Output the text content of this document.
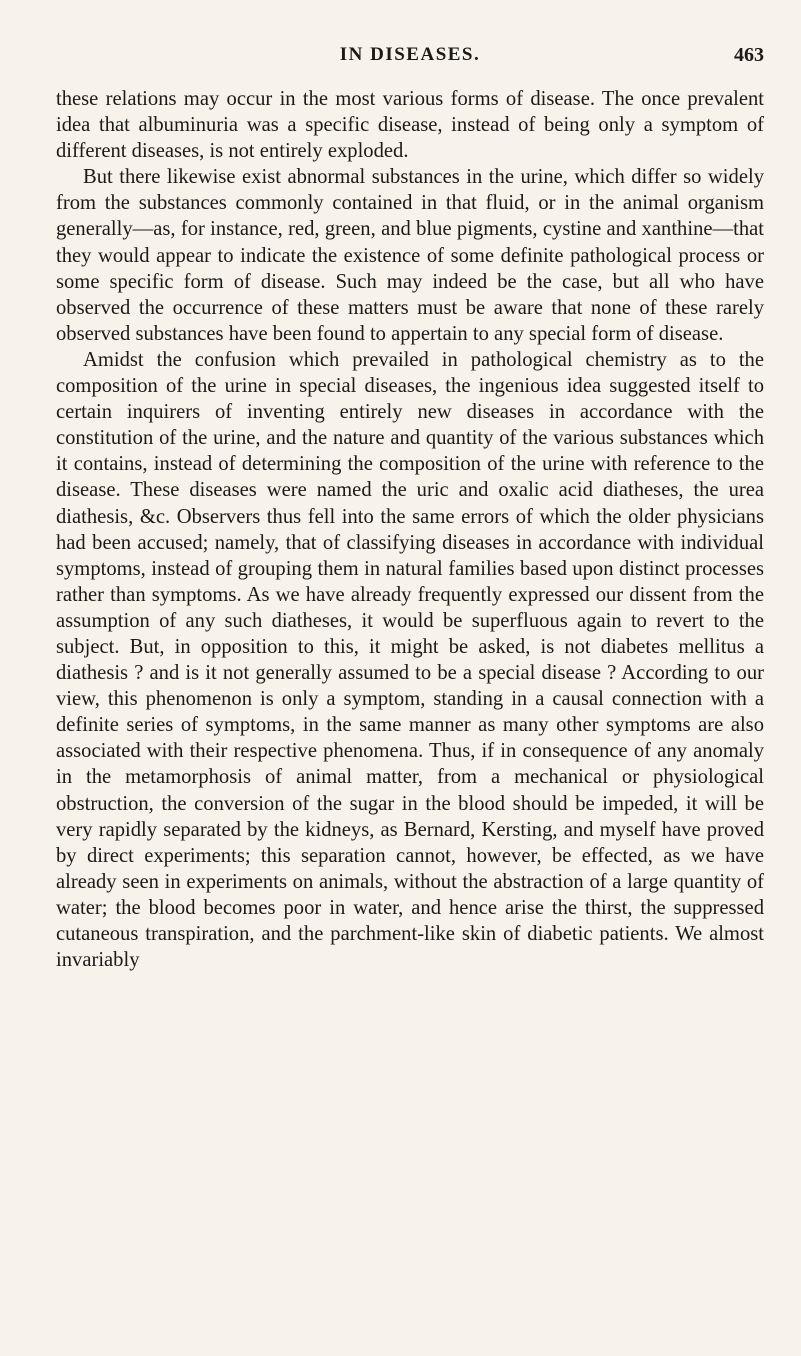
IN DISEASES.	463

these relations may occur in the most various forms of disease. The once prevalent idea that albuminuria was a specific disease, instead of being only a symptom of different diseases, is not entirely exploded.

But there likewise exist abnormal substances in the urine, which differ so widely from the substances commonly contained in that fluid, or in the animal organism generally—as, for instance, red, green, and blue pigments, cystine and xanthine—that they would appear to indicate the existence of some definite pathological process or some specific form of disease. Such may indeed be the case, but all who have observed the occurrence of these matters must be aware that none of these rarely observed substances have been found to appertain to any special form of disease.

Amidst the confusion which prevailed in pathological chemistry as to the composition of the urine in special diseases, the ingenious idea suggested itself to certain inquirers of inventing entirely new diseases in accordance with the constitution of the urine, and the nature and quantity of the various substances which it contains, instead of determining the composition of the urine with reference to the disease. These diseases were named the uric and oxalic acid diatheses, the urea diathesis, &c. Observers thus fell into the same errors of which the older physicians had been accused; namely, that of classifying diseases in accordance with individual symptoms, instead of grouping them in natural families based upon distinct processes rather than symptoms. As we have already frequently expressed our dissent from the assumption of any such diatheses, it would be superfluous again to revert to the subject. But, in opposition to this, it might be asked, is not diabetes mellitus a diathesis ? and is it not generally assumed to be a special disease ? According to our view, this phenomenon is only a symptom, standing in a causal connection with a definite series of symptoms, in the same manner as many other symptoms are also associated with their respective phenomena. Thus, if in consequence of any anomaly in the metamorphosis of animal matter, from a mechanical or physiological obstruction, the conversion of the sugar in the blood should be impeded, it will be very rapidly separated by the kidneys, as Bernard, Kersting, and myself have proved by direct experiments; this separation cannot, however, be effected, as we have already seen in experiments on animals, without the abstraction of a large quantity of water; the blood becomes poor in water, and hence arise the thirst, the suppressed cutaneous transpiration, and the parchment-like skin of diabetic patients. We almost invariably
